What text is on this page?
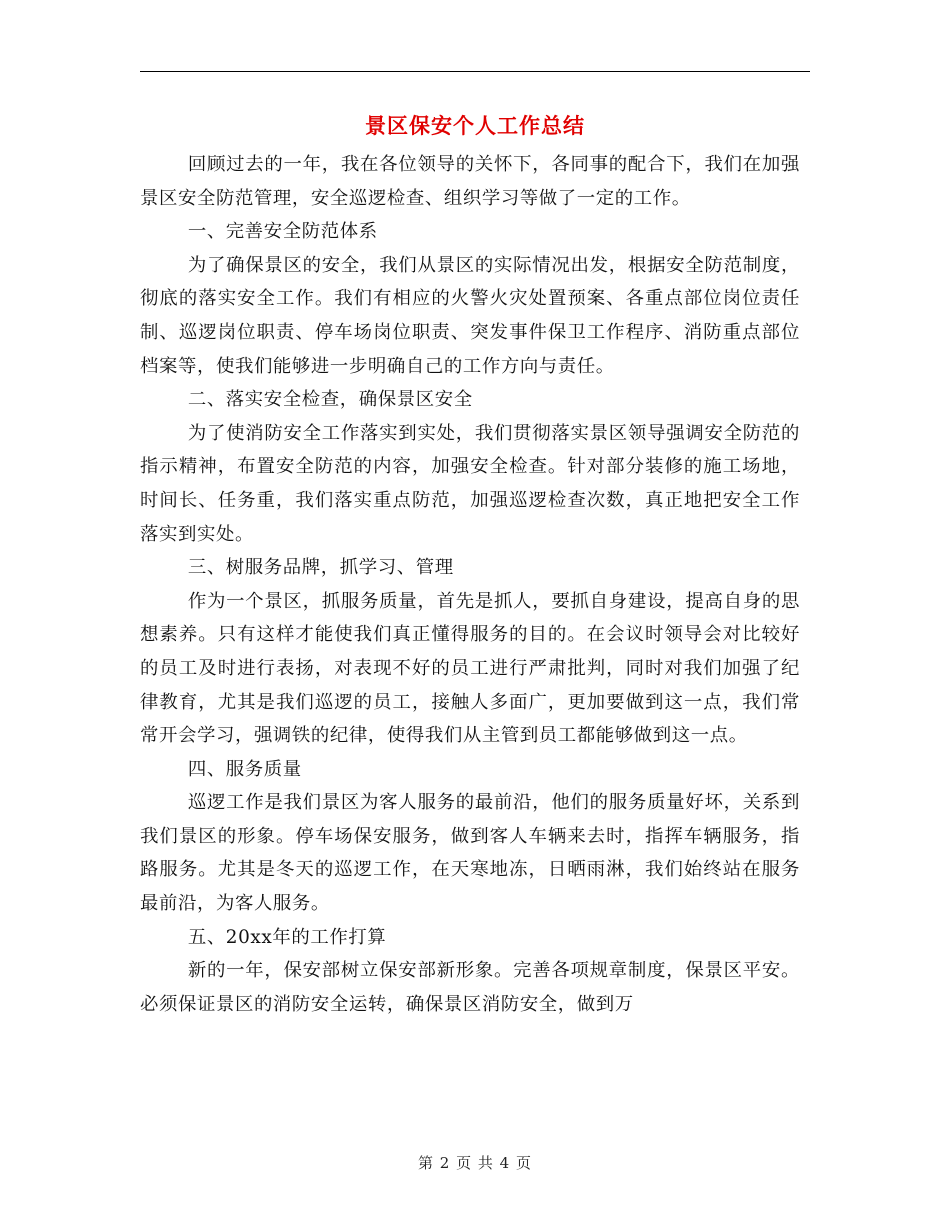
景区保安个人工作总结

回顾过去的一年，我在各位领导的关怀下，各同事的配合下，我们在加强景区安全防范管理，安全巡逻检查、组织学习等做了一定的工作。

一、完善安全防范体系

为了确保景区的安全，我们从景区的实际情况出发，根据安全防范制度，彻底的落实安全工作。我们有相应的火警火灾处置预案、各重点部位岗位责任制、巡逻岗位职责、停车场岗位职责、突发事件保卫工作程序、消防重点部位档案等，使我们能够进一步明确自己的工作方向与责任。

二、落实安全检查，确保景区安全

为了使消防安全工作落实到实处，我们贯彻落实景区领导强调安全防范的指示精神，布置安全防范的内容，加强安全检查。针对部分装修的施工场地，时间长、任务重，我们落实重点防范，加强巡逻检查次数，真正地把安全工作落实到实处。

三、树服务品牌，抓学习、管理

作为一个景区，抓服务质量，首先是抓人，要抓自身建设，提高自身的思想素养。只有这样才能使我们真正懂得服务的目的。在会议时领导会对比较好的员工及时进行表扬，对表现不好的员工进行严肃批判，同时对我们加强了纪律教育，尤其是我们巡逻的员工，接触人多面广，更加要做到这一点，我们常常开会学习，强调铁的纪律，使得我们从主管到员工都能够做到这一点。

四、服务质量

巡逻工作是我们景区为客人服务的最前沿，他们的服务质量好坏，关系到我们景区的形象。停车场保安服务，做到客人车辆来去时，指挥车辆服务，指路服务。尤其是冬天的巡逻工作，在天寒地冻，日晒雨淋，我们始终站在服务最前沿，为客人服务。

五、20xx年的工作打算

新的一年，保安部树立保安部新形象。完善各项规章制度，保景区平安。必须保证景区的消防安全运转，确保景区消防安全，做到万

第 2 页 共 4 页
